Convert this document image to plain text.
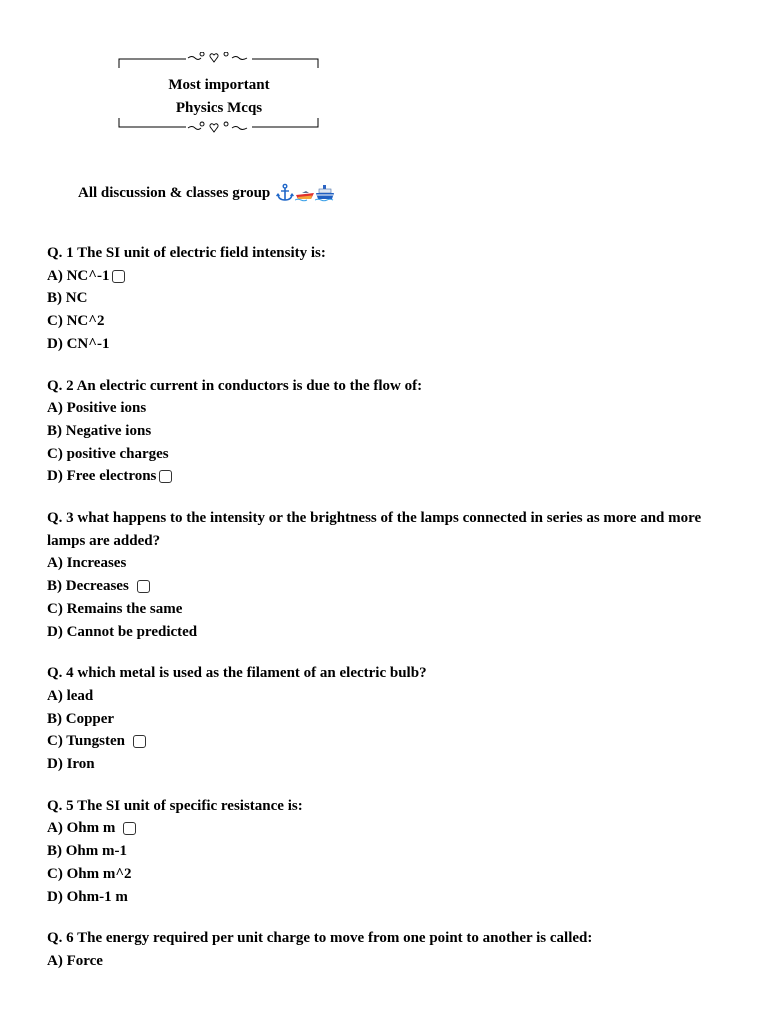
Most important
Physics Mcqs
All discussion & classes group
Q. 1 The SI unit of electric field intensity is:
A) NC^-1
B) NC
C) NC^2
D) CN^-1
Q. 2 An electric current in conductors is due to the flow of:
A) Positive ions
B) Negative ions
C) positive charges
D) Free electrons
Q. 3 what happens to the intensity or the brightness of the lamps connected in series as more and more lamps are added?
A) Increases
B) Decreases
C) Remains the same
D) Cannot be predicted
Q. 4 which metal is used as the filament of an electric bulb?
A) lead
B) Copper
C) Tungsten
D) Iron
Q. 5 The SI unit of specific resistance is:
A) Ohm m
B) Ohm m-1
C) Ohm m^2
D) Ohm-1 m
Q. 6 The energy required per unit charge to move from one point to another is called:
A) Force
